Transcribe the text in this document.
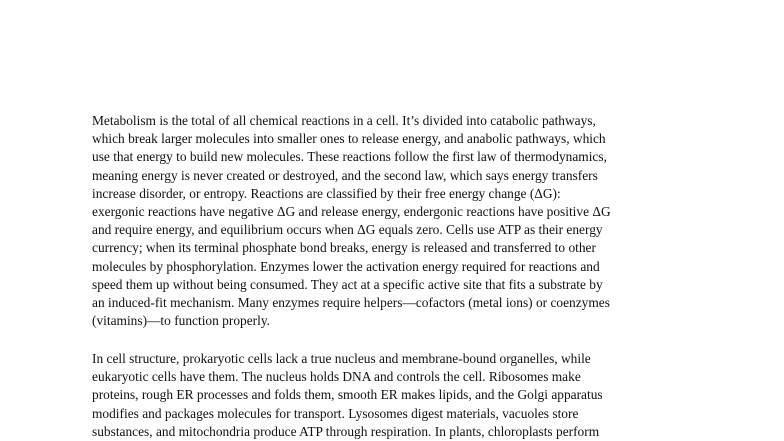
Metabolism is the total of all chemical reactions in a cell. It’s divided into catabolic pathways,
which break larger molecules into smaller ones to release energy, and anabolic pathways, which
use that energy to build new molecules. These reactions follow the first law of thermodynamics,
meaning energy is never created or destroyed, and the second law, which says energy transfers
increase disorder, or entropy. Reactions are classified by their free energy change (ΔG):
exergonic reactions have negative ΔG and release energy, endergonic reactions have positive ΔG
and require energy, and equilibrium occurs when ΔG equals zero. Cells use ATP as their energy
currency; when its terminal phosphate bond breaks, energy is released and transferred to other
molecules by phosphorylation. Enzymes lower the activation energy required for reactions and
speed them up without being consumed. They act at a specific active site that fits a substrate by
an induced-fit mechanism. Many enzymes require helpers—cofactors (metal ions) or coenzymes
(vitamins)—to function properly.

In cell structure, prokaryotic cells lack a true nucleus and membrane-bound organelles, while
eukaryotic cells have them. The nucleus holds DNA and controls the cell. Ribosomes make
proteins, rough ER processes and folds them, smooth ER makes lipids, and the Golgi apparatus
modifies and packages molecules for transport. Lysosomes digest materials, vacuoles store
substances, and mitochondria produce ATP through respiration. In plants, chloroplasts perform
